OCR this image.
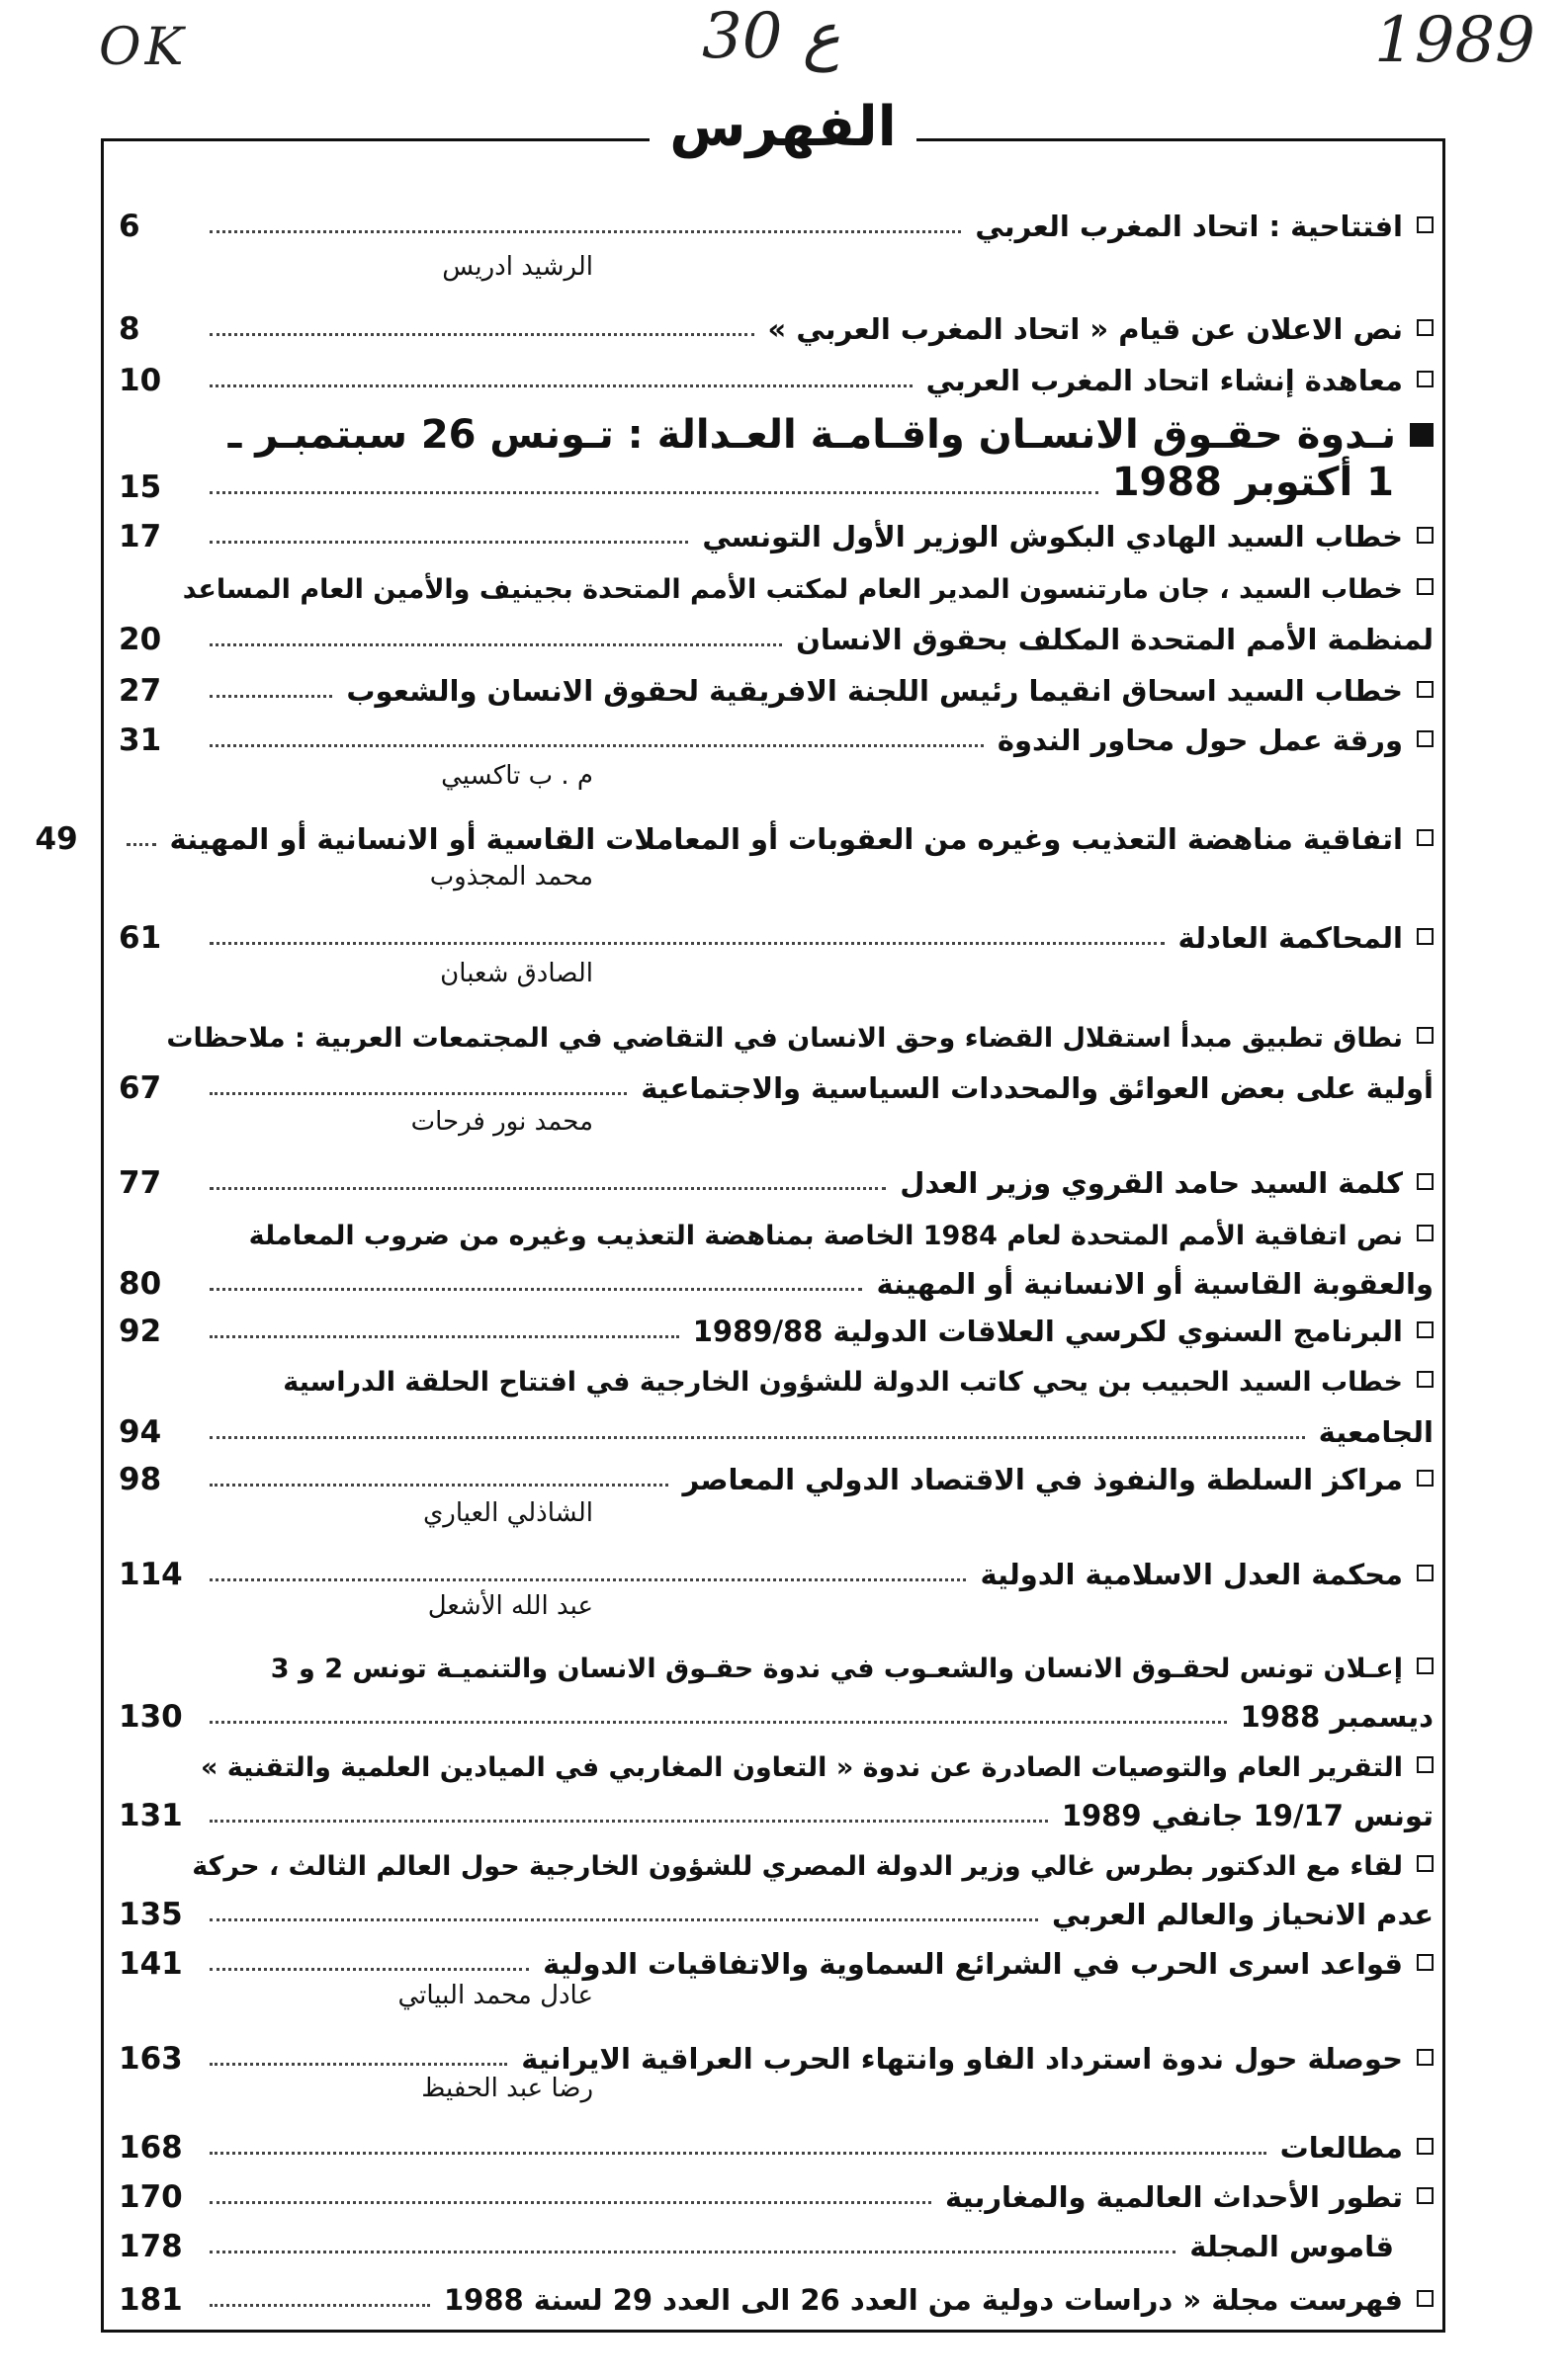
OK	30 ع	1989
الفهرس
افتتاحية : اتحاد المغرب العربي
6
الرشيد ادريس
نص الاعلان عن قيام « اتحاد المغرب العربي »
8
معاهدة إنشاء اتحاد المغرب العربي
10
نـدوة حقـوق الانسـان واقـامـة العـدالة : تـونس 26 سبتمبـر ـ
1 أكتوبر 1988
15
خطاب السيد الهادي البكوش الوزير الأول التونسي
17
خطاب السيد ، جان مارتنسون المدير العام لمكتب الأمم المتحدة بجينيف والأمين العام المساعد
لمنظمة الأمم المتحدة المكلف بحقوق الانسان
20
خطاب السيد اسحاق انقيما رئيس اللجنة الافريقية لحقوق الانسان والشعوب
27
ورقة عمل حول محاور الندوة
31
م . ب تاكسيي
اتفاقية مناهضة التعذيب وغيره من العقوبات أو المعاملات القاسية أو الانسانية أو المهينة
49
محمد المجذوب
المحاكمة العادلة
61
الصادق شعبان
نطاق تطبيق مبدأ استقلال القضاء وحق الانسان في التقاضي في المجتمعات العربية : ملاحظات
أولية على بعض العوائق والمحددات السياسية والاجتماعية
67
محمد نور فرحات
كلمة السيد حامد القروي وزير العدل
77
نص اتفاقية الأمم المتحدة لعام 1984 الخاصة بمناهضة التعذيب وغيره من ضروب المعاملة
والعقوبة القاسية أو الانسانية أو المهينة
80
البرنامج السنوي لكرسي العلاقات الدولية 1989/88
92
خطاب السيد الحبيب بن يحي كاتب الدولة للشؤون الخارجية في افتتاح الحلقة الدراسية
الجامعية
94
مراكز السلطة والنفوذ في الاقتصاد الدولي المعاصر
98
الشاذلي العياري
محكمة العدل الاسلامية الدولية
114
عبد الله الأشعل
إعـلان تونس لحقـوق الانسان والشعـوب في ندوة حقـوق الانسان والتنميـة تونس 2 و 3
ديسمبر 1988
130
التقرير العام والتوصيات الصادرة عن ندوة « التعاون المغاربي في الميادين العلمية والتقنية »
تونس 19/17 جانفي 1989
131
لقاء مع الدكتور بطرس غالي وزير الدولة المصري للشؤون الخارجية حول العالم الثالث ، حركة
عدم الانحياز والعالم العربي
135
قواعد اسرى الحرب في الشرائع السماوية والاتفاقيات الدولية
141
عادل محمد البياتي
حوصلة حول ندوة استرداد الفاو وانتهاء الحرب العراقية الايرانية
163
رضا عبد الحفيظ
مطالعات
168
تطور الأحداث العالمية والمغاربية
170
قاموس المجلة
178
فهرست مجلة « دراسات دولية من العدد 26 الى العدد 29 لسنة 1988
181
